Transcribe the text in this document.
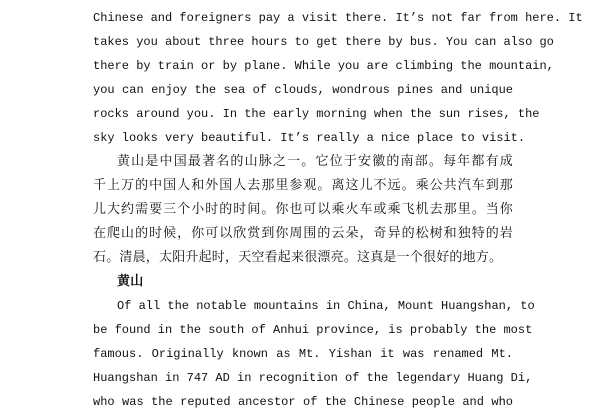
Chinese and foreigners pay a visit there. It’s not far from here. It
takes you about three hours to get there by bus. You can also go
there by train or by plane. While you are climbing the mountain,
you can enjoy the sea of clouds, wondrous pines and unique
rocks around you. In the early morning when the sun rises, the
sky looks very beautiful. It’s really a nice place to visit.
黄山是中国最著名的山脉之一。它位于安徽的南部。每年都有成
千上万的中国人和外国人去那里参观。离这儿不远。乘公共汽车到那
儿大约需要三个小时的时间。你也可以乘火车或乘飞机去那里。当你
在爬山的时候，你可以欣赏到你周围的云朵，奇异的松树和独特的岩
石。清晨，太阳升起时，天空看起来很漂亮。这真是一个很好的地方。
黄山
Of all the notable mountains in China, Mount Huangshan, to
be found in the south of Anhui province, is probably the most
famous. Originally known as Mt. Yishan it was renamed Mt.
Huangshan in 747 AD in recognition of the legendary Huang Di,
who was the reputed ancestor of the Chinese people and who
